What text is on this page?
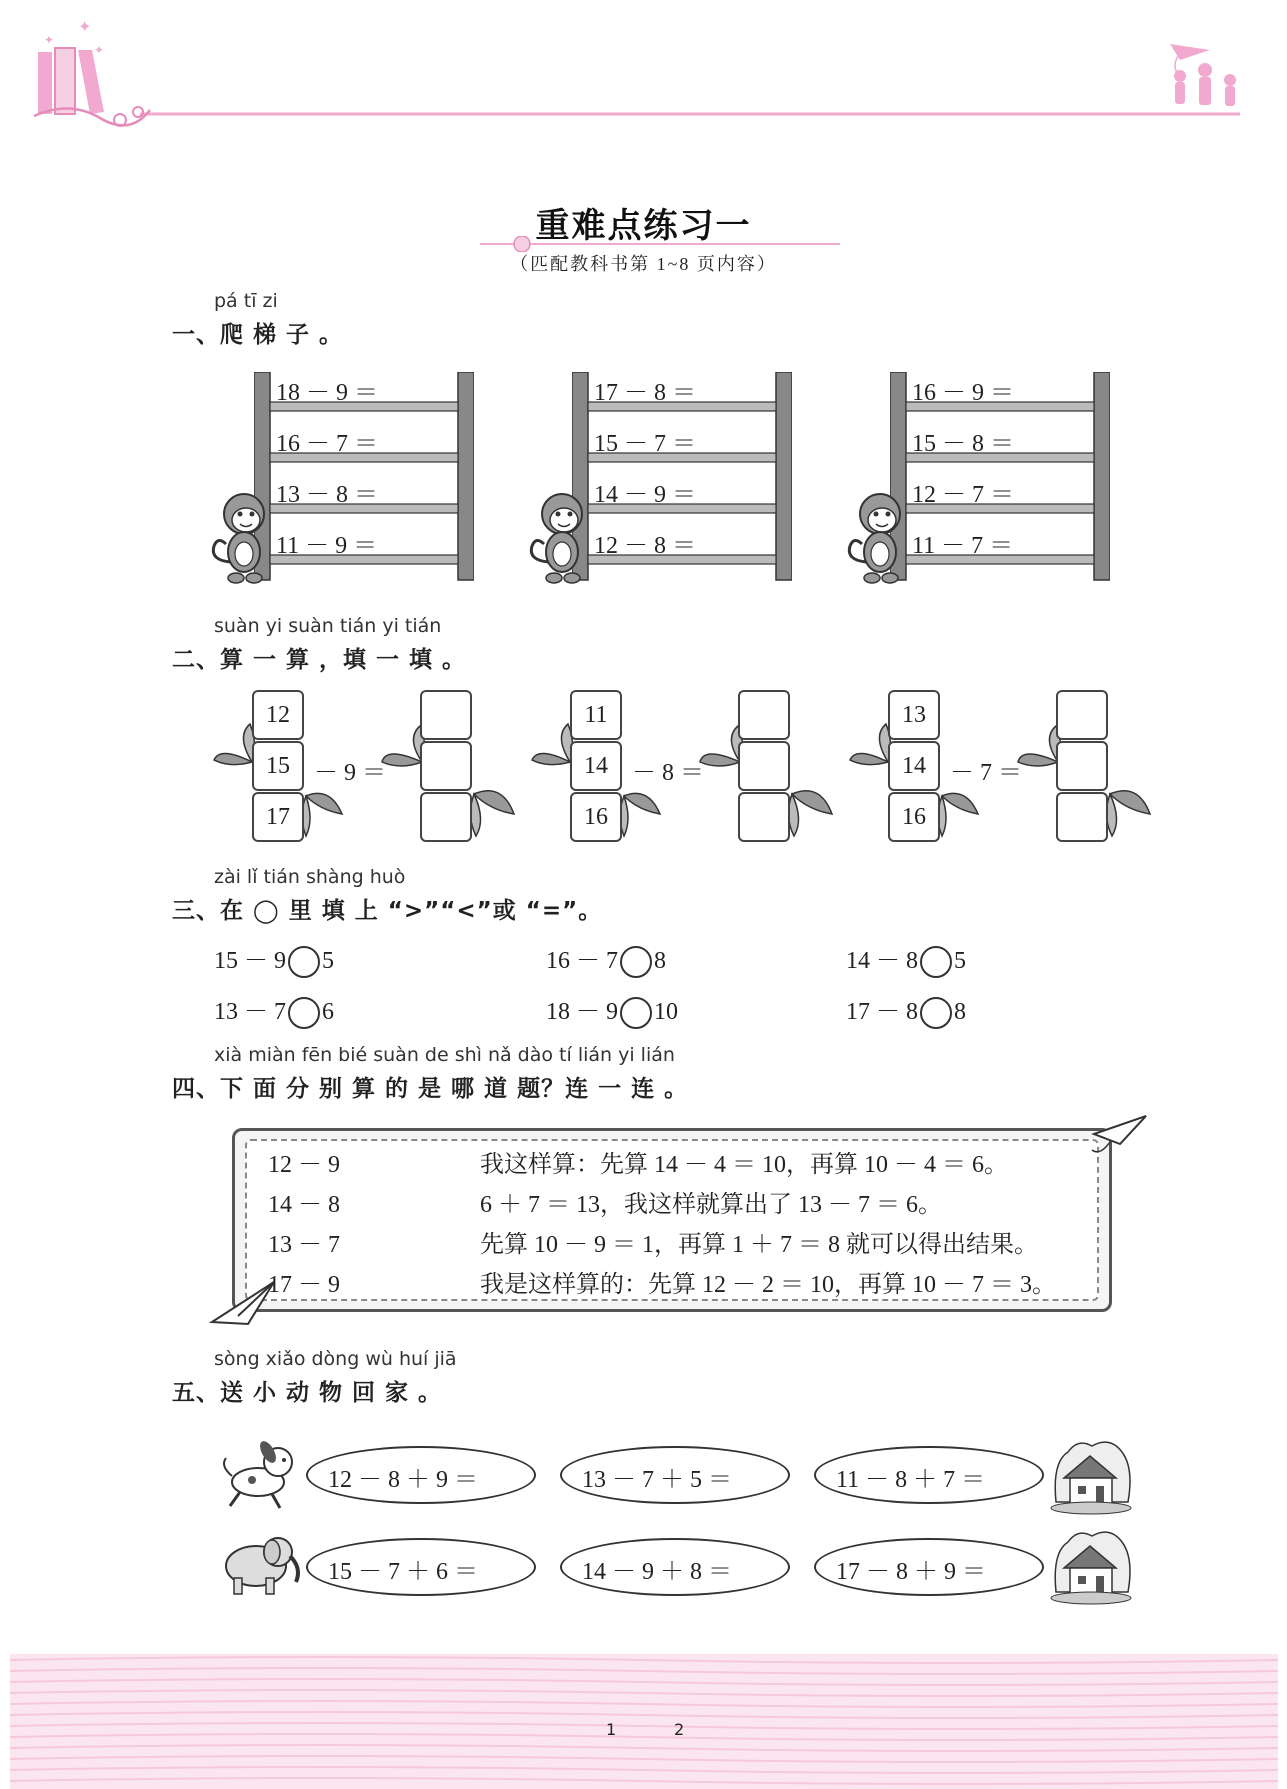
✦
✦
✦
重难点练习一
（匹配教科书第 1~8 页内容）
pá tī zi
一、爬 梯 子 。
18 － 9 ＝
16 － 7 ＝
13 － 8 ＝
11 － 9 ＝
17 － 8 ＝
15 － 7 ＝
14 － 9 ＝
12 － 8 ＝
16 － 9 ＝
15 － 8 ＝
12 － 7 ＝
11 － 7 ＝
suàn yi suàn tián yi tián
二、算 一 算 ，填 一 填 。
12
15
17
－ 9 ＝
11
14
16
－ 8 ＝
13
14
16
－ 7 ＝
zài lǐ tián shàng huò
三、在 ◯ 里 填 上 “>”“<”或 “=”。
15 － 9 5	16 － 7 8	14 － 8 5
13 － 7 6	18 － 9 10	17 － 8 8
xià miàn fēn bié suàn de shì nǎ dào tí lián yi lián
四、下 面 分 别 算 的 是 哪 道 题？连 一 连 。
12 － 9	我这样算：先算 14 － 4 ＝ 10，再算 10 － 4 ＝ 6。
14 － 8	6 ＋ 7 ＝ 13，我这样就算出了 13 － 7 ＝ 6。
13 － 7	先算 10 － 9 ＝ 1，再算 1 ＋ 7 ＝ 8 就可以得出结果。
17 － 9	我是这样算的：先算 12 － 2 ＝ 10，再算 10 － 7 ＝ 3。
sòng xiǎo dòng wù huí jiā
五、送 小 动 物 回 家 。
12 － 8 ＋ 9 ＝	13 － 7 ＋ 5 ＝	11 － 8 ＋ 7 ＝
15 － 7 ＋ 6 ＝	14 － 9 ＋ 8 ＝	17 － 8 ＋ 9 ＝
1	2
